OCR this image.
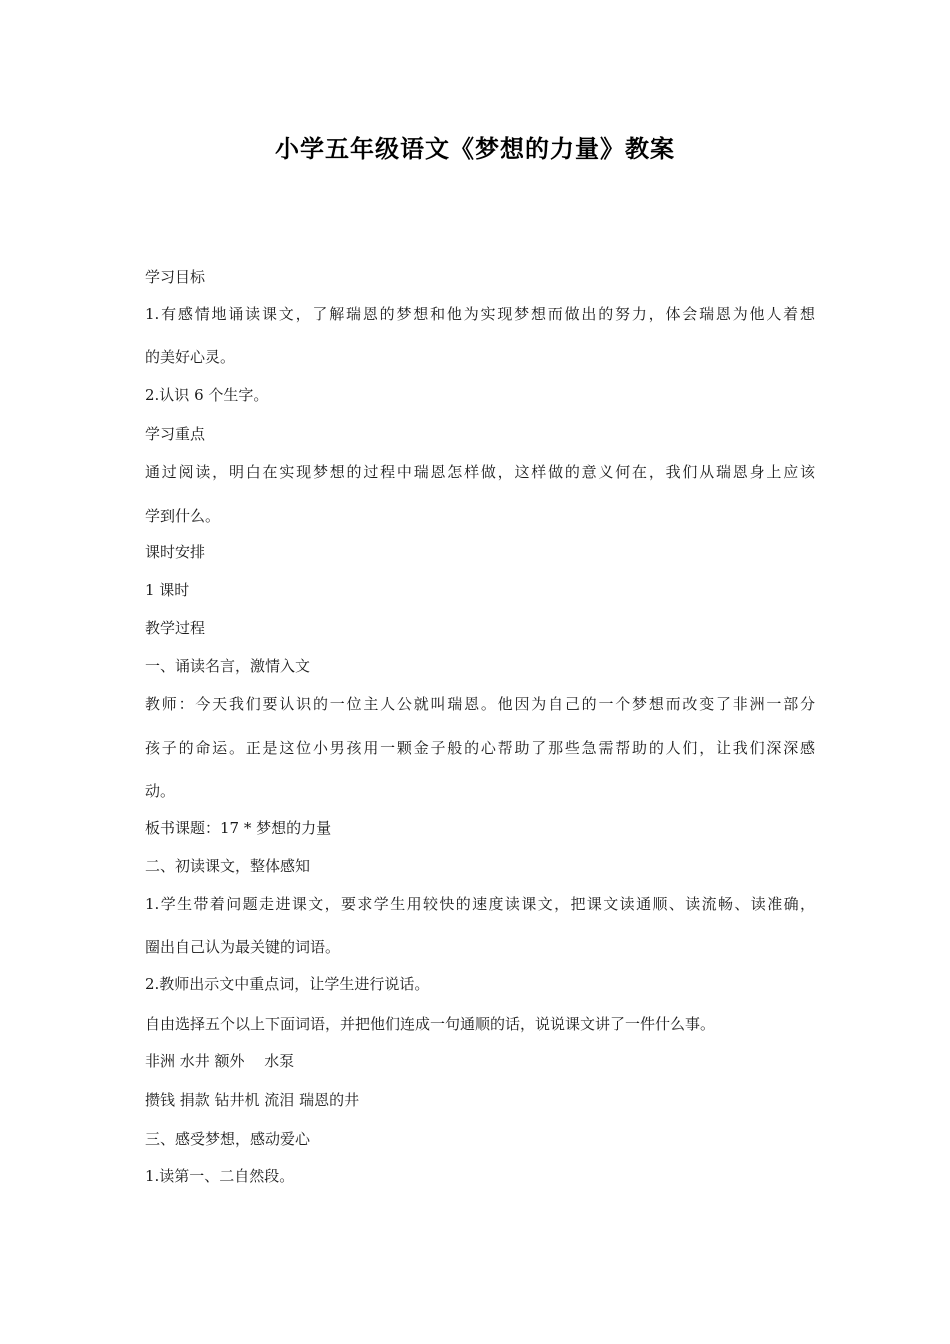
小学五年级语文《梦想的力量》教案
学习目标
1.有感情地诵读课文，了解瑞恩的梦想和他为实现梦想而做出的努力，体会瑞恩为他人着想
的美好心灵。
2.认识 6 个生字。
学习重点
通过阅读，明白在实现梦想的过程中瑞恩怎样做，这样做的意义何在，我们从瑞恩身上应该
学到什么。
课时安排
1 课时
教学过程
一、诵读名言，激情入文
教师：今天我们要认识的一位主人公就叫瑞恩。他因为自己的一个梦想而改变了非洲一部分
孩子的命运。正是这位小男孩用一颗金子般的心帮助了那些急需帮助的人们，让我们深深感
动。
板书课题：17 * 梦想的力量
二、初读课文，整体感知
1.学生带着问题走进课文，要求学生用较快的速度读课文，把课文读通顺、读流畅、读准确，
圈出自己认为最关键的词语。
2.教师出示文中重点词，让学生进行说话。
自由选择五个以上下面词语，并把他们连成一句通顺的话，说说课文讲了一件什么事。
非洲 水井 额外　 水泵
攒钱 捐款 钻井机 流泪 瑞恩的井
三、感受梦想，感动爱心
1.读第一、二自然段。
